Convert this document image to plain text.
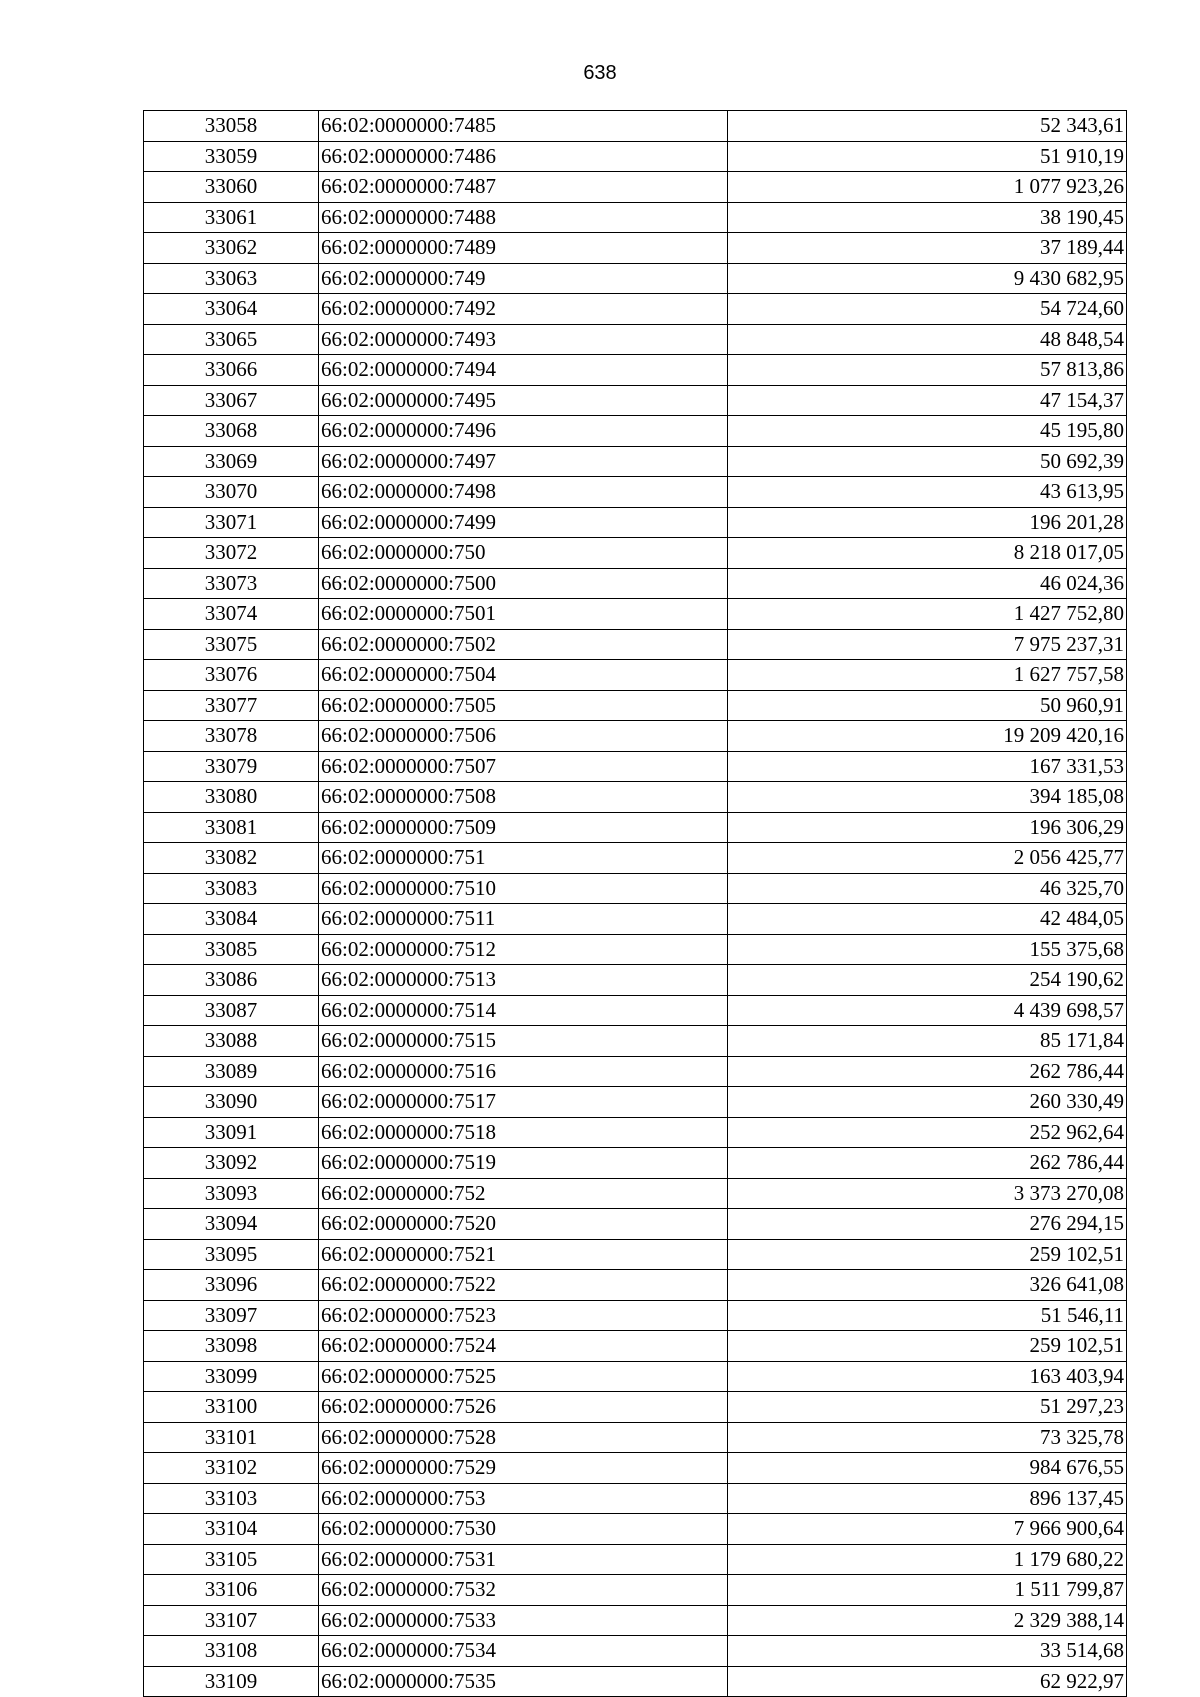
638
33058	66:02:0000000:7485	52 343,61
33059	66:02:0000000:7486	51 910,19
33060	66:02:0000000:7487	1 077 923,26
33061	66:02:0000000:7488	38 190,45
33062	66:02:0000000:7489	37 189,44
33063	66:02:0000000:749	9 430 682,95
33064	66:02:0000000:7492	54 724,60
33065	66:02:0000000:7493	48 848,54
33066	66:02:0000000:7494	57 813,86
33067	66:02:0000000:7495	47 154,37
33068	66:02:0000000:7496	45 195,80
33069	66:02:0000000:7497	50 692,39
33070	66:02:0000000:7498	43 613,95
33071	66:02:0000000:7499	196 201,28
33072	66:02:0000000:750	8 218 017,05
33073	66:02:0000000:7500	46 024,36
33074	66:02:0000000:7501	1 427 752,80
33075	66:02:0000000:7502	7 975 237,31
33076	66:02:0000000:7504	1 627 757,58
33077	66:02:0000000:7505	50 960,91
33078	66:02:0000000:7506	19 209 420,16
33079	66:02:0000000:7507	167 331,53
33080	66:02:0000000:7508	394 185,08
33081	66:02:0000000:7509	196 306,29
33082	66:02:0000000:751	2 056 425,77
33083	66:02:0000000:7510	46 325,70
33084	66:02:0000000:7511	42 484,05
33085	66:02:0000000:7512	155 375,68
33086	66:02:0000000:7513	254 190,62
33087	66:02:0000000:7514	4 439 698,57
33088	66:02:0000000:7515	85 171,84
33089	66:02:0000000:7516	262 786,44
33090	66:02:0000000:7517	260 330,49
33091	66:02:0000000:7518	252 962,64
33092	66:02:0000000:7519	262 786,44
33093	66:02:0000000:752	3 373 270,08
33094	66:02:0000000:7520	276 294,15
33095	66:02:0000000:7521	259 102,51
33096	66:02:0000000:7522	326 641,08
33097	66:02:0000000:7523	51 546,11
33098	66:02:0000000:7524	259 102,51
33099	66:02:0000000:7525	163 403,94
33100	66:02:0000000:7526	51 297,23
33101	66:02:0000000:7528	73 325,78
33102	66:02:0000000:7529	984 676,55
33103	66:02:0000000:753	896 137,45
33104	66:02:0000000:7530	7 966 900,64
33105	66:02:0000000:7531	1 179 680,22
33106	66:02:0000000:7532	1 511 799,87
33107	66:02:0000000:7533	2 329 388,14
33108	66:02:0000000:7534	33 514,68
33109	66:02:0000000:7535	62 922,97
